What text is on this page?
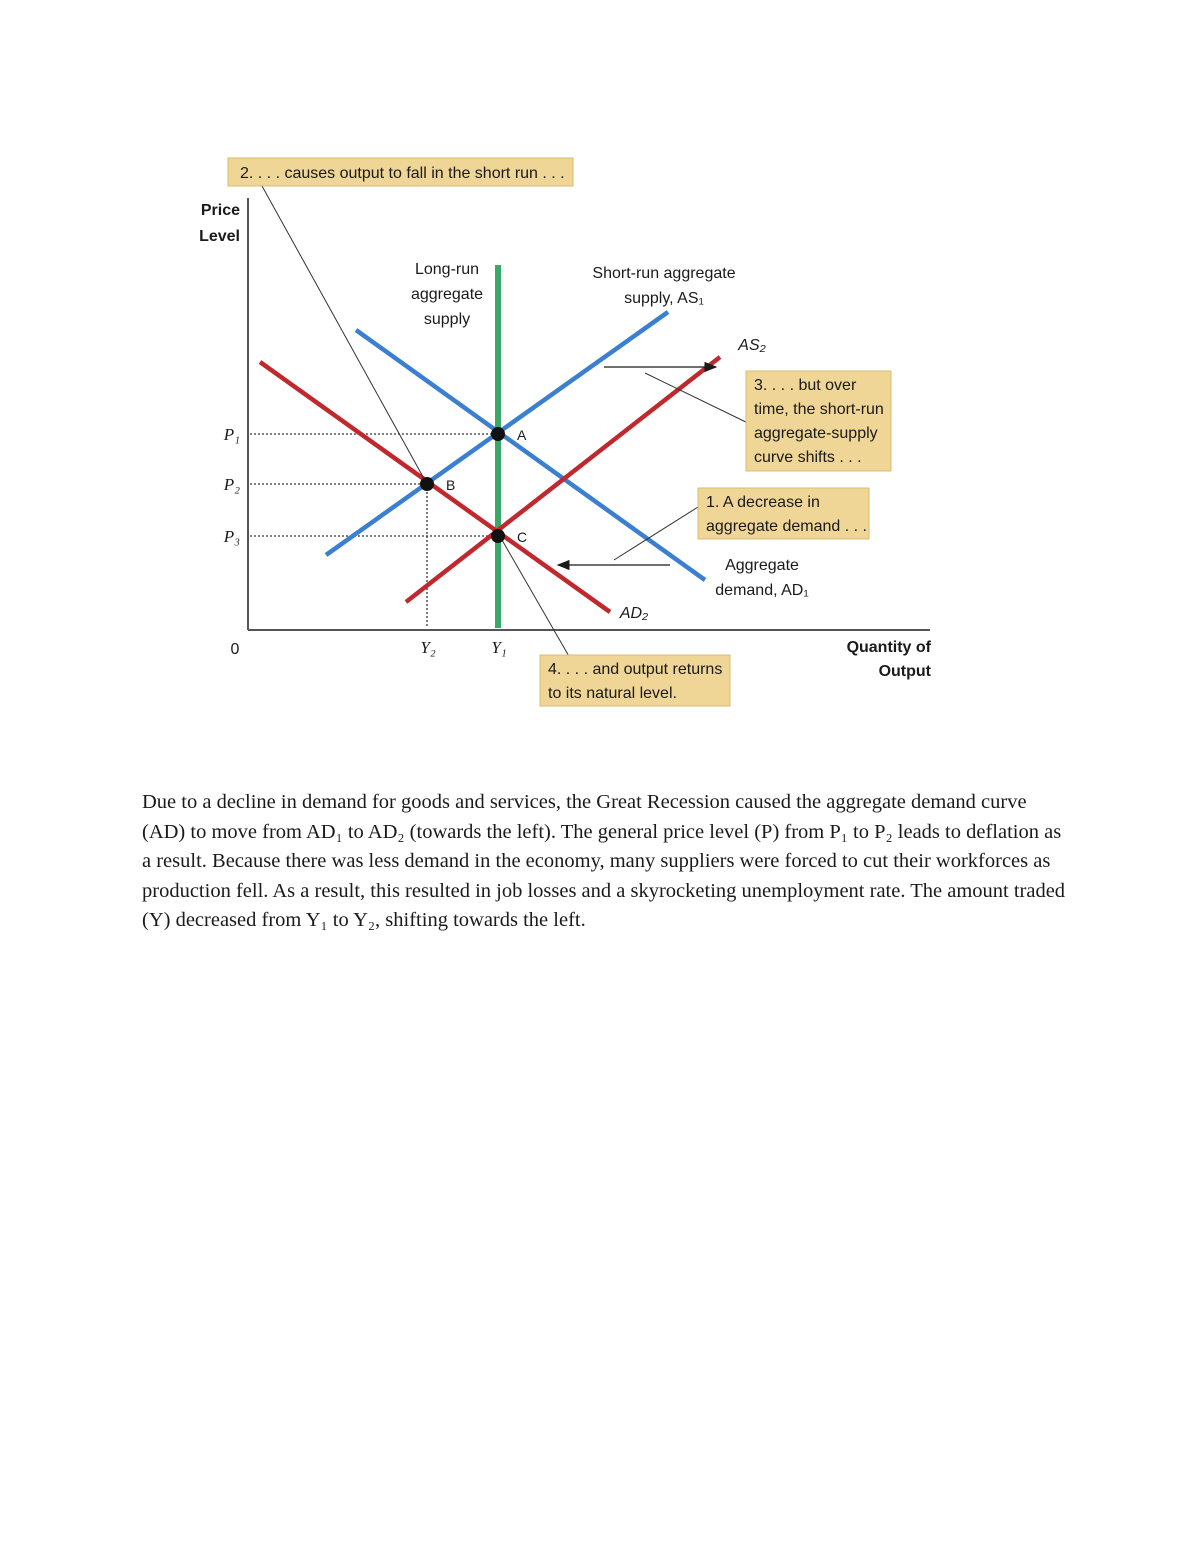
Price
Level
Quantity of
Output
0
P₁
P₂
P₃
Y₂	Y₁
Long-run
aggregate
supply
Short-run aggregate
supply, AS₁
AS₂
Aggregate
demand, AD₁
AD₂
A
B
C
2. . . . causes output to fall in the short run . . .
3. . . . but over
time, the short-run
aggregate-supply
curve shifts . . .
1. A decrease in
aggregate demand . . .
4. . . . and output returns
to its natural level.

Due to a decline in demand for goods and services, the Great Recession caused the aggregate demand curve (AD) to move from AD₁ to AD₂ (towards the left). The general price level (P) from P₁ to P₂ leads to deflation as a result. Because there was less demand in the economy, many suppliers were forced to cut their workforces as production fell. As a result, this resulted in job losses and a skyrocketing unemployment rate. The amount traded (Y) decreased from Y₁ to Y₂, shifting towards the left.
